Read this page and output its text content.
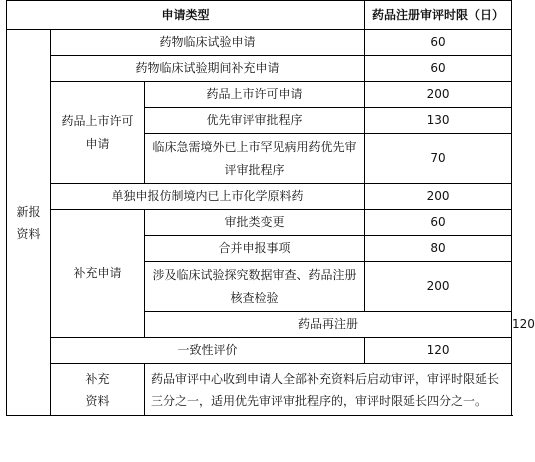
申请类型			药品注册审评时限（日）	
新报资料	药物临床试验申请		60	
	药物临床试验期间补充申请		60	
	药品上市许可申请	药品上市许可申请	200	
		优先审评审批程序	130	
		临床急需境外已上市罕见病用药优先审评审批程序	70	
	单独申报仿制境内已上市化学原料药		200	
	补充申请	审批类变更	60	
		合并申报事项	80	
		涉及临床试验探究数据审查、药品注册核查检验	200	
		药品再注册		120
	一致性评价		120	
	补充资料	药品审评中心收到申请人全部补充资料后启动审评，审评时限延长三分之一，适用优先审评审批程序的，审评时限延长四分之一。		
